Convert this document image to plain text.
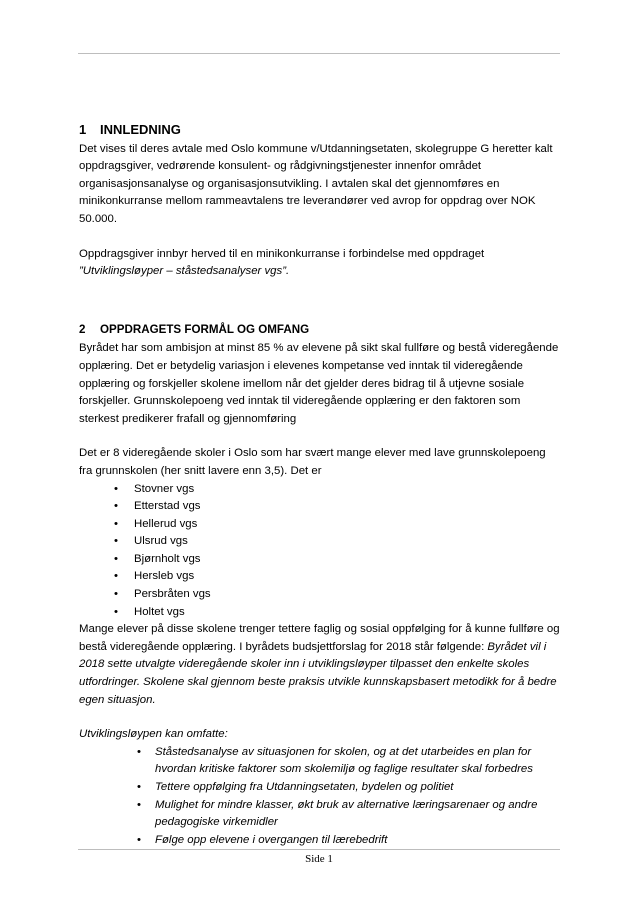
1	INNLEDNING

Det vises til deres avtale med Oslo kommune v/Utdanningsetaten, skolegruppe G heretter kalt oppdragsgiver, vedrørende konsulent- og rådgivningstjenester innenfor området organisasjonsanalyse og organisasjonsutvikling. I avtalen skal det gjennomføres en minikonkurranse mellom rammeavtalens tre leverandører ved avrop for oppdrag over NOK 50.000.

Oppdragsgiver innbyr herved til en minikonkurranse i forbindelse med oppdraget
”Utviklingsløyper – ståstedsanalyser vgs”.

2	OPPDRAGETS FORMÅL OG OMFANG

Byrådet har som ambisjon at minst 85 % av elevene på sikt skal fullføre og bestå videregående opplæring. Det er betydelig variasjon i elevenes kompetanse ved inntak til videregående opplæring og forskjeller skolene imellom når det gjelder deres bidrag til å utjevne sosiale forskjeller. Grunnskolepoeng ved inntak til videregående opplæring er den faktoren som sterkest predikerer frafall og gjennomføring

Det er 8 videregående skoler i Oslo som har svært mange elever med lave grunnskolepoeng fra grunnskolen (her snitt lavere enn 3,5). Det er

• Stovner vgs
• Etterstad vgs
• Hellerud vgs
• Ulsrud vgs
• Bjørnholt vgs
• Hersleb vgs
• Persbråten vgs
• Holtet vgs

Mange elever på disse skolene trenger tettere faglig og sosial oppfølging for å kunne fullføre og bestå videregående opplæring. I byrådets budsjettforslag for 2018 står følgende: Byrådet vil i 2018 sette utvalgte videregående skoler inn i utviklingsløyper tilpasset den enkelte skoles utfordringer. Skolene skal gjennom beste praksis utvikle kunnskapsbasert metodikk for å bedre egen situasjon.

Utviklingsløypen kan omfatte:

• Ståstedsanalyse av situasjonen for skolen, og at det utarbeides en plan for hvordan kritiske faktorer som skolemiljø og faglige resultater skal forbedres
• Tettere oppfølging fra Utdanningsetaten, bydelen og politiet
• Mulighet for mindre klasser, økt bruk av alternative læringsarenaer og andre pedagogiske virkemidler
• Følge opp elevene i overgangen til lærebedrift
Side 1
